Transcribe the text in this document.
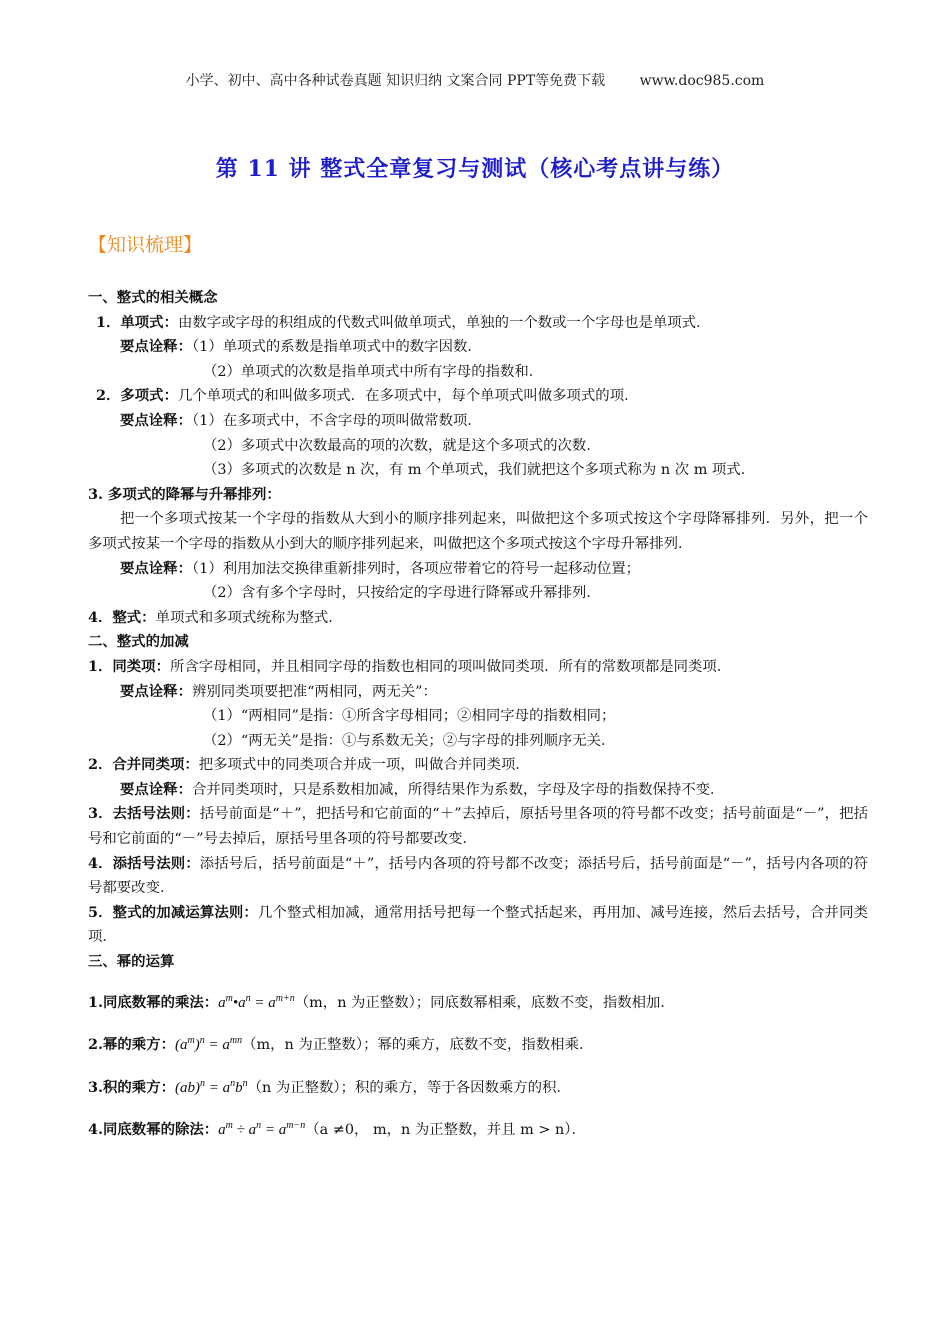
小学、初中、高中各种试卷真题 知识归纳 文案合同 PPT等免费下载 www.doc985.com
第 11 讲 整式全章复习与测试（核心考点讲与练）
【知识梳理】

一、整式的相关概念

1．单项式：由数字或字母的积组成的代数式叫做单项式，单独的一个数或一个字母也是单项式．

要点诠释：（1）单项式的系数是指单项式中的数字因数．

（2）单项式的次数是指单项式中所有字母的指数和．

2．多项式：几个单项式的和叫做多项式．在多项式中，每个单项式叫做多项式的项．

要点诠释：（1）在多项式中，不含字母的项叫做常数项．

（2）多项式中次数最高的项的次数，就是这个多项式的次数．

（3）多项式的次数是 n 次，有 m 个单项式，我们就把这个多项式称为 n 次 m 项式．

3. 多项式的降幂与升幂排列：

把一个多项式按某一个字母的指数从大到小的顺序排列起来，叫做把这个多项式按这个字母降幂排列．另外，把一个多项式按某一个字母的指数从小到大的顺序排列起来，叫做把这个多项式按这个字母升幂排列．

要点诠释：（1）利用加法交换律重新排列时，各项应带着它的符号一起移动位置；

（2）含有多个字母时，只按给定的字母进行降幂或升幂排列．

4．整式：单项式和多项式统称为整式．

二、整式的加减

1．同类项：所含字母相同，并且相同字母的指数也相同的项叫做同类项．所有的常数项都是同类项．

要点诠释：辨别同类项要把准“两相同，两无关”：

（1）“两相同”是指：①所含字母相同；②相同字母的指数相同；

（2）“两无关”是指：①与系数无关；②与字母的排列顺序无关．

2．合并同类项：把多项式中的同类项合并成一项，叫做合并同类项．

要点诠释：合并同类项时，只是系数相加减，所得结果作为系数，字母及字母的指数保持不变．

3．去括号法则：括号前面是“＋”，把括号和它前面的“＋”去掉后，原括号里各项的符号都不改变；括号前面是“－”，把括号和它前面的“－”号去掉后，原括号里各项的符号都要改变．

4．添括号法则：添括号后，括号前面是“＋”，括号内各项的符号都不改变；添括号后，括号前面是“－”，括号内各项的符号都要改变．

5．整式的加减运算法则：几个整式相加减，通常用括号把每一个整式括起来，再用加、减号连接，然后去括号，合并同类项．

三、幂的运算

1.同底数幂的乘法：$a^m•a^n = a^{m+n}(m$，n 为正整数）；同底数幂相乘，底数不变，指数相加．

2.幂的乘方：$(a^m)^n = a^{mn}(m$，n 为正整数）；幂的乘方，底数不变，指数相乘．

3.积的乘方：$(ab)^n = a^nb^n(n$ 为正整数）；积的乘方，等于各因数乘方的积．

4.同底数幂的除法：$a^m \div a^n = a^{m-n}(a \ne 0$， m，n 为正整数，并且 m > n）．
